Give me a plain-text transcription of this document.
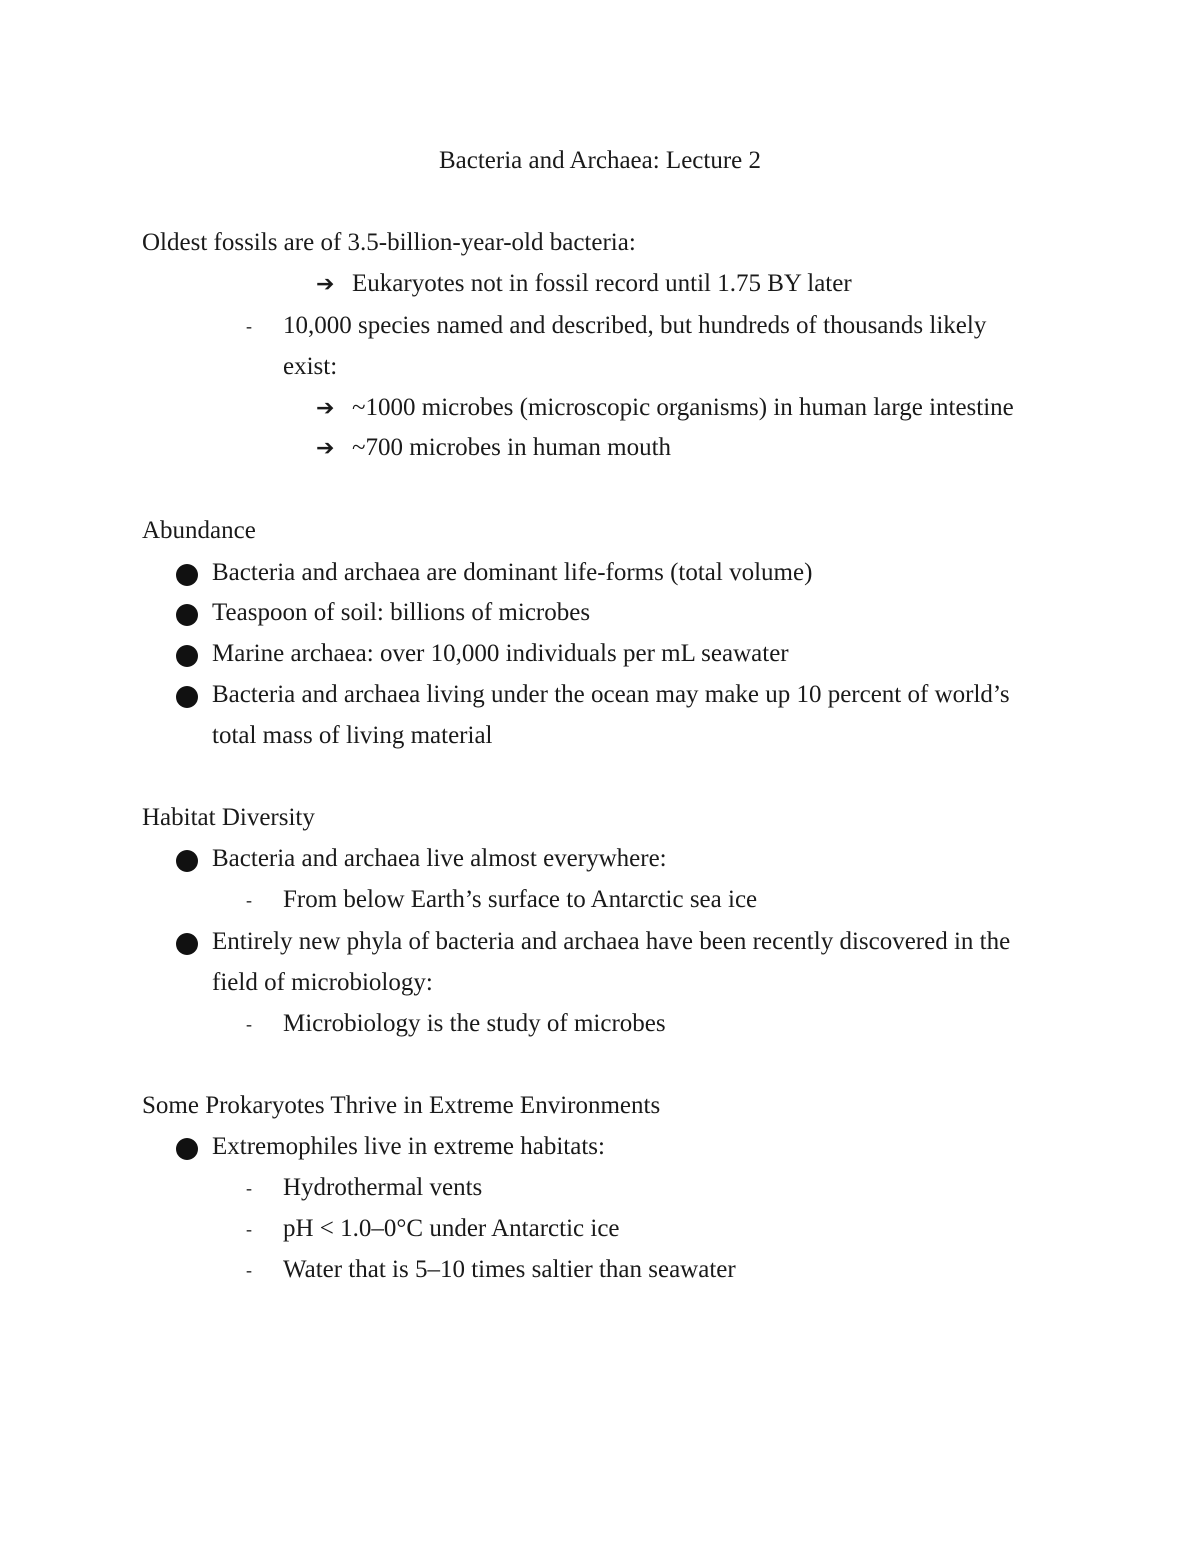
Bacteria and Archaea: Lecture 2
Oldest fossils are of 3.5-billion-year-old bacteria:
➔ Eukaryotes not in fossil record until 1.75 BY later
- 10,000 species named and described, but hundreds of thousands likely
exist:
➔ ~1000 microbes (microscopic organisms) in human large intestine
➔ ~700 microbes in human mouth
Abundance
Bacteria and archaea are dominant life-forms (total volume)
Teaspoon of soil: billions of microbes
Marine archaea: over 10,000 individuals per mL seawater
Bacteria and archaea living under the ocean may make up 10 percent of world’s
total mass of living material
Habitat Diversity
Bacteria and archaea live almost everywhere:
- From below Earth’s surface to Antarctic sea ice
Entirely new phyla of bacteria and archaea have been recently discovered in the
field of microbiology:
- Microbiology is the study of microbes
Some Prokaryotes Thrive in Extreme Environments
Extremophiles live in extreme habitats:
- Hydrothermal vents
- pH < 1.0–0°C under Antarctic ice
- Water that is 5–10 times saltier than seawater
